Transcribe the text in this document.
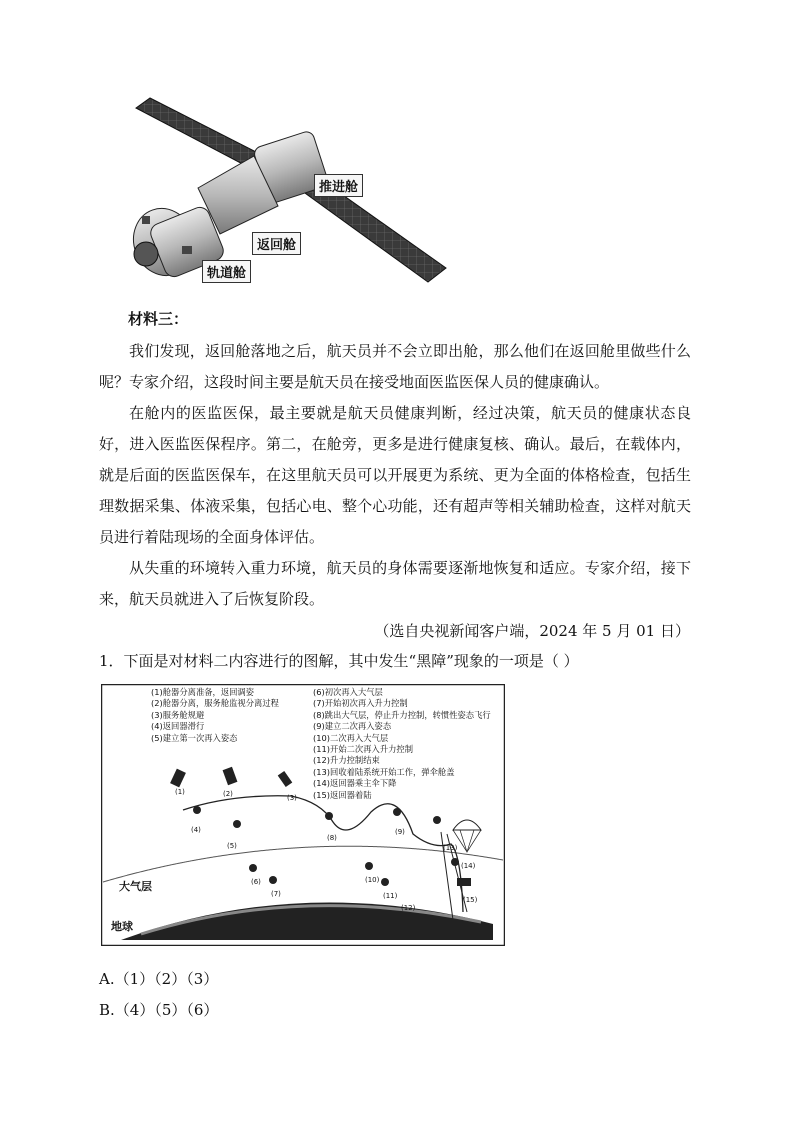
推进舱
返回舱
轨道舱
材料三：

我们发现，返回舱落地之后，航天员并不会立即出舱，那么他们在返回舱里做些什么呢？专家介绍，这段时间主要是航天员在接受地面医监医保人员的健康确认。

在舱内的医监医保，最主要就是航天员健康判断，经过决策，航天员的健康状态良好，进入医监医保程序。第二，在舱旁，更多是进行健康复核、确认。最后，在载体内，就是后面的医监医保车，在这里航天员可以开展更为系统、更为全面的体格检查，包括生理数据采集、体液采集，包括心电、整个心功能，还有超声等相关辅助检查，这样对航天员进行着陆现场的全面身体评估。

从失重的环境转入重力环境，航天员的身体需要逐渐地恢复和适应。专家介绍，接下来，航天员就进入了后恢复阶段。

（选自央视新闻客户端，2024 年 5 月 01 日）
1．下面是对材料二内容进行的图解，其中发生“黑障”现象的一项是（ ）
(1)舱器分离准备，返回调姿
(2)舱器分离，服务舱监视分离过程
(3)服务舱规避
(4)返回器滑行
(5)建立第一次再入姿态
(6)初次再入大气层
(7)开始初次再入升力控制
(8)跳出大气层，停止升力控制，转惯性姿态飞行
(9)建立二次再入姿态
(10)二次再入大气层
(11)开始二次再入升力控制
(12)升力控制结束
(13)回收着陆系统开始工作，弹伞舱盖
(14)返回器乘主伞下降
(15)返回器着陆
大气层
地球
(1)	(2)	(3)
(4)
(5)
(6)
(7)
(8)
(9)
(10)
(11)
(12)
(13)
(14)
(15)
A.（1）（2）（3）
B.（4）（5）（6）
